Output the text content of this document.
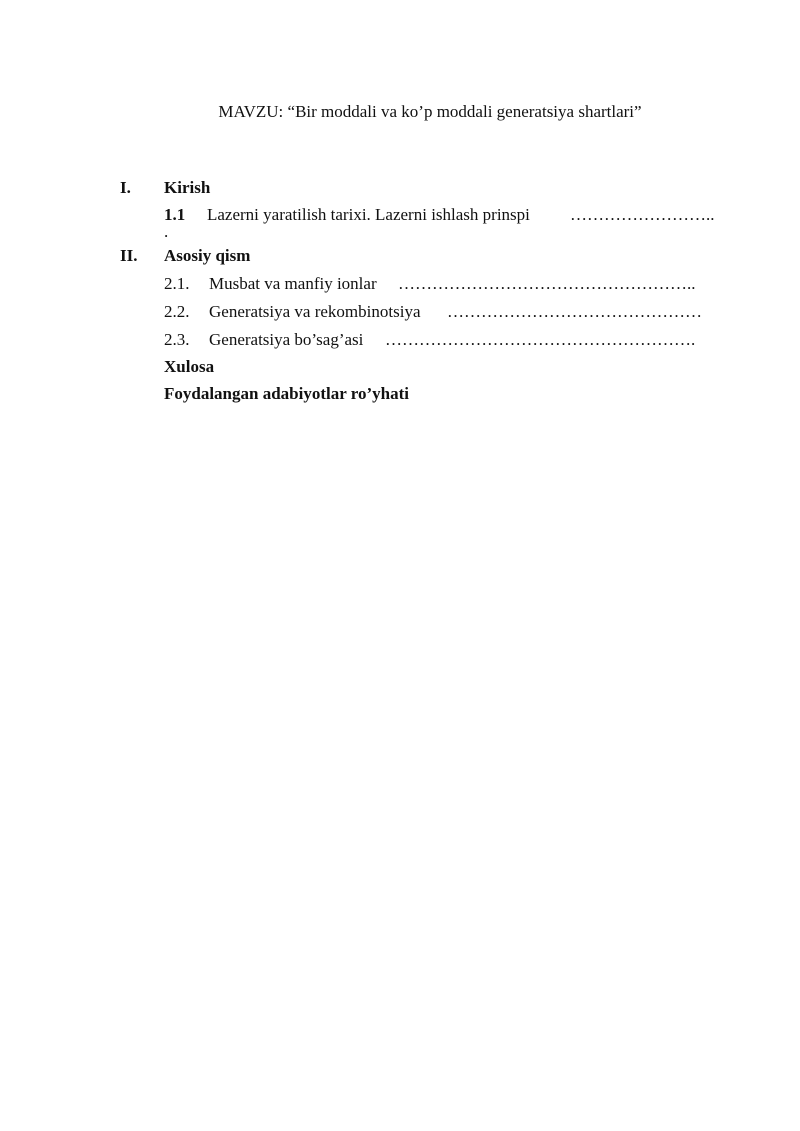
MAVZU: “Bir moddali va ko’p moddali generatsiya shartlari”
I. Kirish
1.1 Lazerni yaratilish tarixi. Lazerni ishlash prinspi ……………………..
.
II. Asosiy qism
2.1. Musbat va manfiy ionlar ……………………………………………..
2.2. Generatsiya va rekombinotsiya ………………………………………
2.3. Generatsiya bo’sag’asi ……………………………………………….
Xulosa
Foydalangan adabiyotlar ro’yhati
